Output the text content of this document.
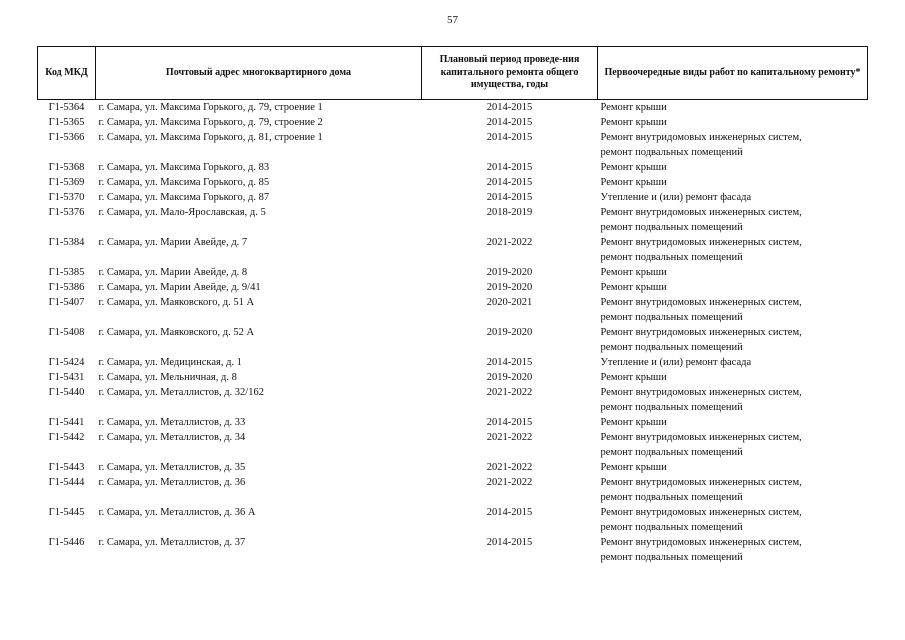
57
Код МКД	Почтовый адрес многоквартирного дома	Плановый период проведе-ния капитального ремонта общего имущества, годы	Первоочередные виды работ по капитальному ремонту*
Г1-5364	г. Самара, ул. Максима Горького, д. 79, строение 1	2014-2015	Ремонт крыши

Г1-5365	г. Самара, ул. Максима Горького, д. 79, строение 2	2014-2015	Ремонт крыши

Г1-5366	г. Самара, ул. Максима Горького, д. 81, строение 1	2014-2015	Ремонт внутридомовых инженерных систем,
ремонт подвальных помещений

Г1-5368	г. Самара, ул. Максима Горького, д. 83	2014-2015	Ремонт крыши

Г1-5369	г. Самара, ул. Максима Горького, д. 85	2014-2015	Ремонт крыши

Г1-5370	г. Самара, ул. Максима Горького, д. 87	2014-2015	Утепление и (или) ремонт фасада

Г1-5376	г. Самара, ул. Мало-Ярославская, д. 5	2018-2019	Ремонт внутридомовых инженерных систем,
ремонт подвальных помещений

Г1-5384	г. Самара, ул. Марии Авейде, д. 7	2021-2022	Ремонт внутридомовых инженерных систем,
ремонт подвальных помещений

Г1-5385	г. Самара, ул. Марии Авейде, д. 8	2019-2020	Ремонт крыши

Г1-5386	г. Самара, ул. Марии Авейде, д. 9/41	2019-2020	Ремонт крыши

Г1-5407	г. Самара, ул. Маяковского, д. 51 А	2020-2021	Ремонт внутридомовых инженерных систем,
ремонт подвальных помещений

Г1-5408	г. Самара, ул. Маяковского, д. 52 А	2019-2020	Ремонт внутридомовых инженерных систем,
ремонт подвальных помещений

Г1-5424	г. Самара, ул. Медицинская, д. 1	2014-2015	Утепление и (или) ремонт фасада

Г1-5431	г. Самара, ул. Мельничная, д. 8	2019-2020	Ремонт крыши

Г1-5440	г. Самара, ул. Металлистов, д. 32/162	2021-2022	Ремонт внутридомовых инженерных систем,
ремонт подвальных помещений

Г1-5441	г. Самара, ул. Металлистов, д. 33	2014-2015	Ремонт крыши

Г1-5442	г. Самара, ул. Металлистов, д. 34	2021-2022	Ремонт внутридомовых инженерных систем,
ремонт подвальных помещений

Г1-5443	г. Самара, ул. Металлистов, д. 35	2021-2022	Ремонт крыши

Г1-5444	г. Самара, ул. Металлистов, д. 36	2021-2022	Ремонт внутридомовых инженерных систем,
ремонт подвальных помещений

Г1-5445	г. Самара, ул. Металлистов, д. 36 А	2014-2015	Ремонт внутридомовых инженерных систем,
ремонт подвальных помещений

Г1-5446	г. Самара, ул. Металлистов, д. 37	2014-2015	Ремонт внутридомовых инженерных систем,
ремонт подвальных помещений
